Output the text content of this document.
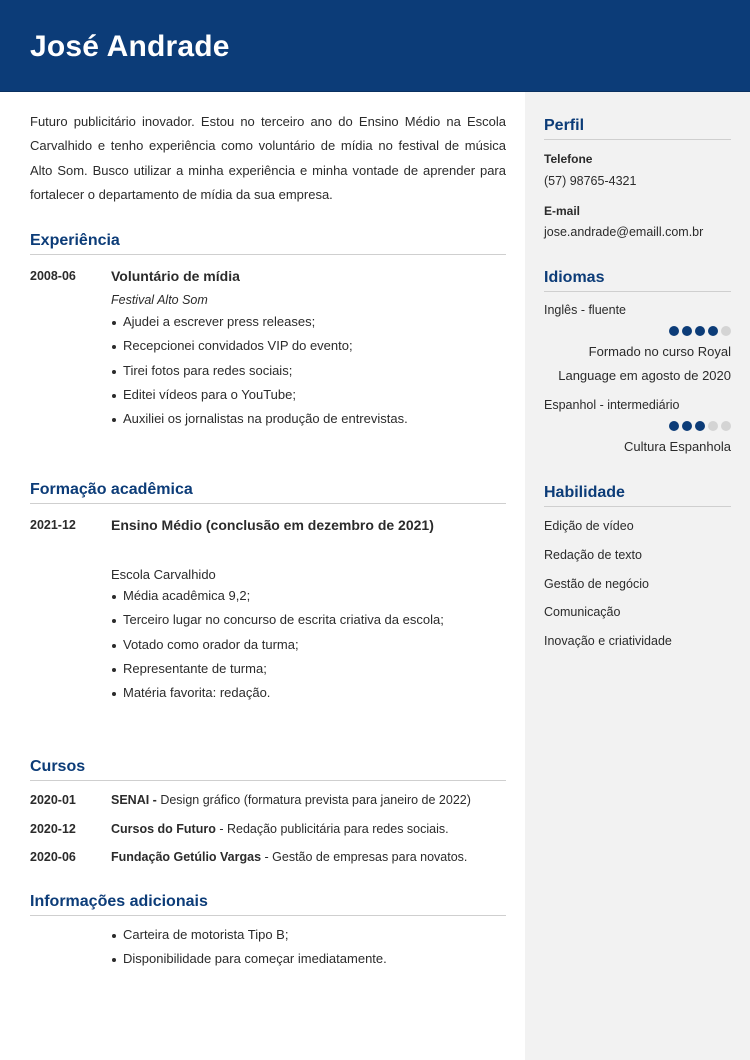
José Andrade

Futuro publicitário inovador. Estou no terceiro ano do Ensino Médio na Escola Carvalhido e tenho experiência como voluntário de mídia no festival de música Alto Som. Busco utilizar a minha experiência e minha vontade de aprender para fortalecer o departamento de mídia da sua empresa.

Experiência
2008-06	Voluntário de mídia
Festival Alto Som
Ajudei a escrever press releases;
Recepcionei convidados VIP do evento;
Tirei fotos para redes sociais;
Editei vídeos para o YouTube;
Auxiliei os jornalistas na produção de entrevistas.
Formação acadêmica
2021-12	Ensino Médio (conclusão em dezembro de 2021)
Escola Carvalhido
Média acadêmica 9,2;
Terceiro lugar no concurso de escrita criativa da escola;
Votado como orador da turma;
Representante de turma;
Matéria favorita: redação.
Cursos
2020-01	SENAI - Design gráfico (formatura prevista para janeiro de 2022)
2020-12	Cursos do Futuro - Redação publicitária para redes sociais.
2020-06	Fundação Getúlio Vargas - Gestão de empresas para novatos.
Informações adicionais
Carteira de motorista Tipo B;
Disponibilidade para começar imediatamente.
Perfil
Telefone
(57) 98765-4321
E-mail
jose.andrade@emaill.com.br
Idiomas
Inglês - fluente
Formado no curso Royal
Language em agosto de 2020
Espanhol - intermediário
Cultura Espanhola
Habilidade
Edição de vídeo
Redação de texto
Gestão de negócio
Comunicação
Inovação e criatividade
